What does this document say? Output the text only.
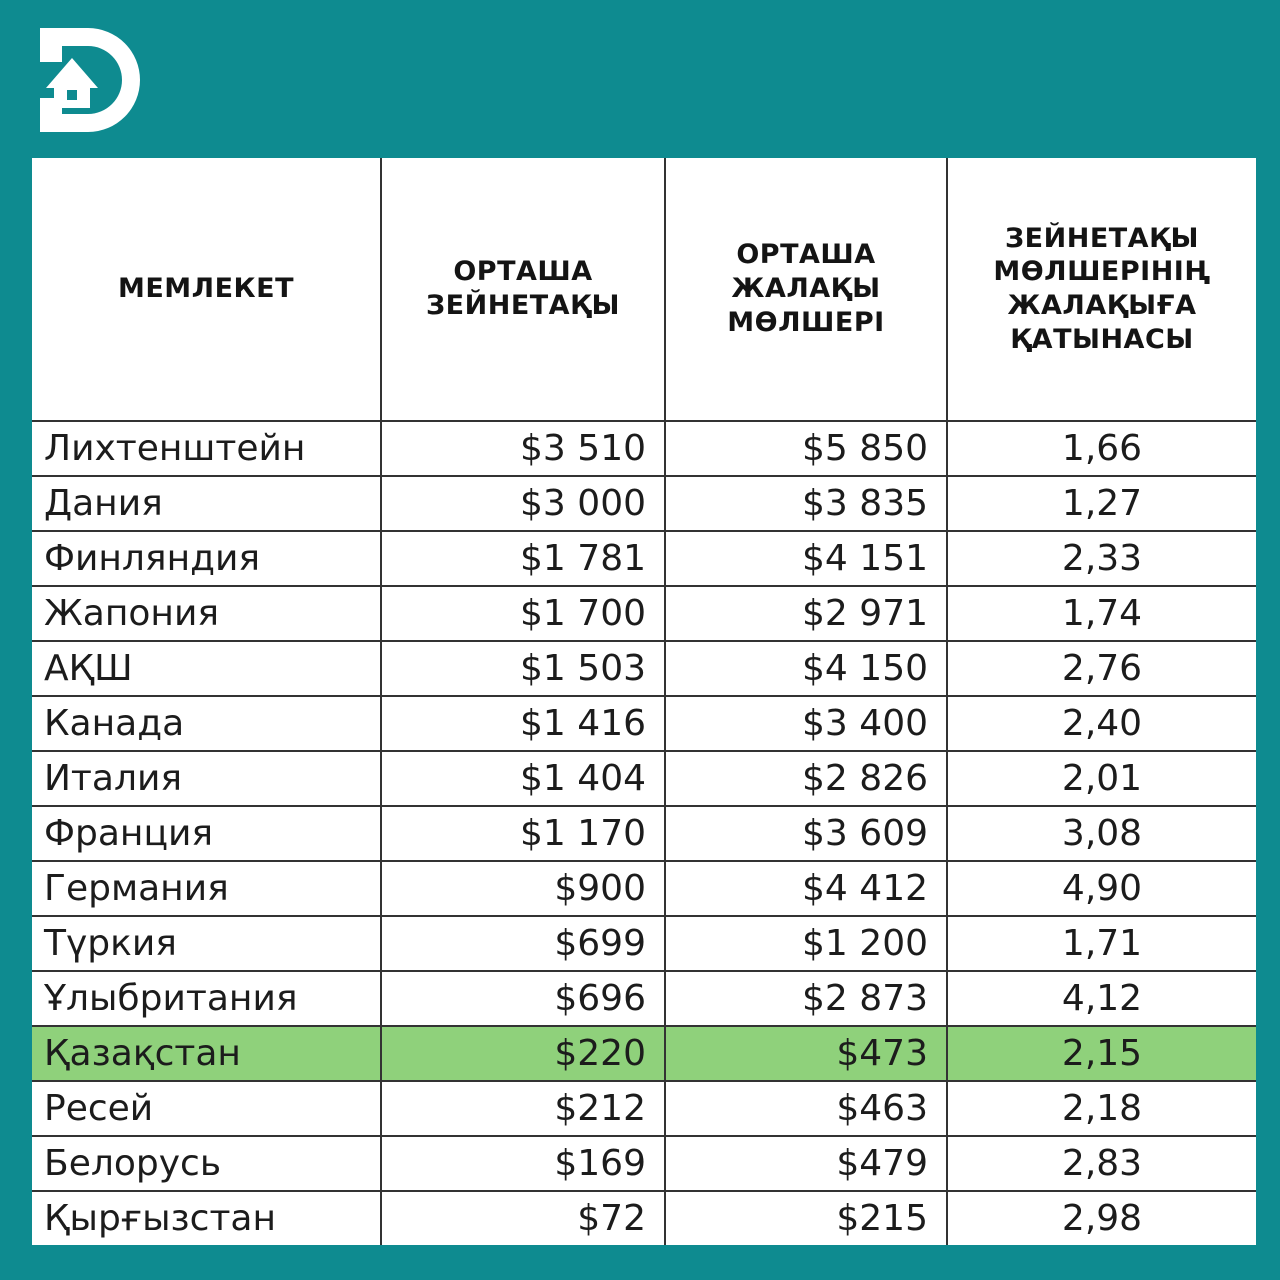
МЕМЛЕКЕТ	ОРТАША ЗЕЙНЕТАҚЫ	ОРТАША ЖАЛАҚЫ МӨЛШЕРІ	ЗЕЙНЕТАҚЫ МӨЛШЕРІНІҢ ЖАЛАҚЫҒА ҚАТЫНАСЫ
Лихтенштейн	$3 510	$5 850	1,66
Дания	$3 000	$3 835	1,27
Финляндия	$1 781	$4 151	2,33
Жапония	$1 700	$2 971	1,74
АҚШ	$1 503	$4 150	2,76
Канада	$1 416	$3 400	2,40
Италия	$1 404	$2 826	2,01
Франция	$1 170	$3 609	3,08
Германия	$900	$4 412	4,90
Түркия	$699	$1 200	1,71
Ұлыбритания	$696	$2 873	4,12
Қазақстан	$220	$473	2,15
Ресей	$212	$463	2,18
Белорусь	$169	$479	2,83
Қырғызстан	$72	$215	2,98
